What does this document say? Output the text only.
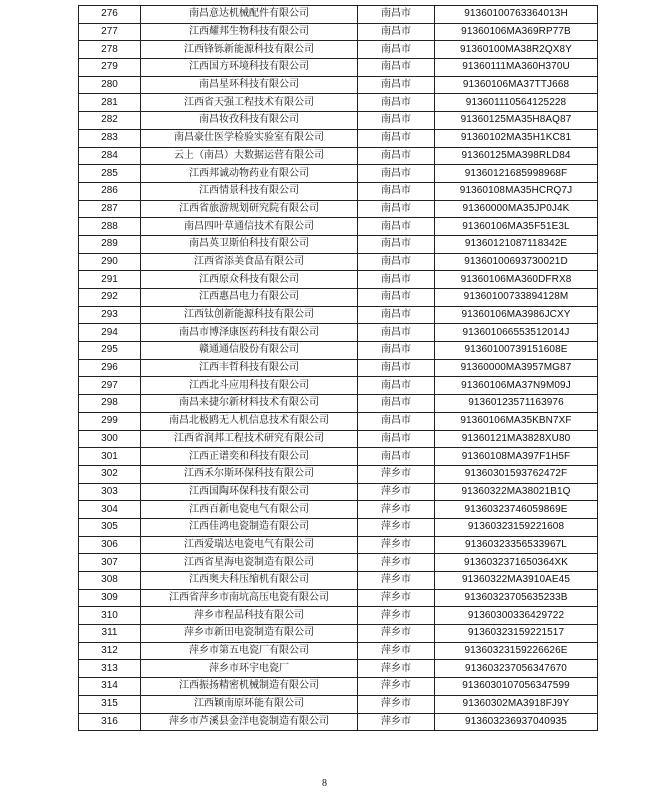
276	南昌意达机械配件有限公司	南昌市	91360100763364013H
277	江西耀邦生物科技有限公司	南昌市	91360106MA369RP77B
278	江西锋铄新能源科技有限公司	南昌市	91360100MA38R2QX8Y
279	江西国方环境科技有限公司	南昌市	91360111MA360H370U
280	南昌星环科技有限公司	南昌市	91360106MA37TTJ668
281	江西省天强工程技术有限公司	南昌市	913601110564125228
282	南昌妆孜科技有限公司	南昌市	91360125MA35H8AQ87
283	南昌豪仕医学检验实验室有限公司	南昌市	91360102MA35H1KC81
284	云上（南昌）大数据运营有限公司	南昌市	91360125MA398RLD84
285	江西邦诚动物药业有限公司	南昌市	91360121685998968F
286	江西情景科技有限公司	南昌市	91360108MA35HCRQ7J
287	江西省旅游规划研究院有限公司	南昌市	91360000MA35JP0J4K
288	南昌四叶草通信技术有限公司	南昌市	91360106MA35F51E3L
289	南昌英卫斯伯科技有限公司	南昌市	91360121087118342E
290	江西省添美食品有限公司	南昌市	91360100693730021D
291	江西原众科技有限公司	南昌市	91360106MA360DFRX8
292	江西惠昌电力有限公司	南昌市	91360100733894128M
293	江西钛创新能源科技有限公司	南昌市	91360106MA3986JCXY
294	南昌市博泽康医药科技有限公司	南昌市	913601066553512014J
295	赣通通信股份有限公司	南昌市	91360100739151608E
296	江西丰哲科技有限公司	南昌市	91360000MA3957MG87
297	江西北斗应用科技有限公司	南昌市	91360106MA37N9M09J
298	南昌来捷尔新材料技术有限公司	南昌市	91360123571163976
299	南昌北极鸥无人机信息技术有限公司	南昌市	91360106MA35KBN7XF
300	江西省润邦工程技术研究有限公司	南昌市	91360121MA3828XU80
301	江西正谱奕和科技有限公司	南昌市	91360108MA397F1H5F
302	江西禾尔斯环保科技有限公司	萍乡市	91360301593762472F
303	江西国陶环保科技有限公司	萍乡市	91360322MA38021B1Q
304	江西百新电瓷电气有限公司	萍乡市	91360323746059869E
305	江西佳鸿电瓷制造有限公司	萍乡市	91360323159221608
306	江西爱瑞达电瓷电气有限公司	萍乡市	91360323356533967L
307	江西省星海电瓷制造有限公司	萍乡市	9136032371650364XK
308	江西奥夫科压缩机有限公司	萍乡市	91360322MA3910AE45
309	江西省萍乡市南坑高压电瓷有限公司	萍乡市	91360323705635233B
310	萍乡市程品科技有限公司	萍乡市	91360300336429722
311	萍乡市新田电瓷制造有限公司	萍乡市	91360323159221517
312	萍乡市第五电瓷厂有限公司	萍乡市	91360323159226626E
313	萍乡市环宇电瓷厂	萍乡市	913603237056347670
314	江西振扬精密机械制造有限公司	萍乡市	9136030107056347599
315	江西颖南原环能有限公司	萍乡市	91360302MA3918FJ9Y
316	萍乡市芦溪县金洋电瓷制造有限公司	萍乡市	913603236937040935
8
